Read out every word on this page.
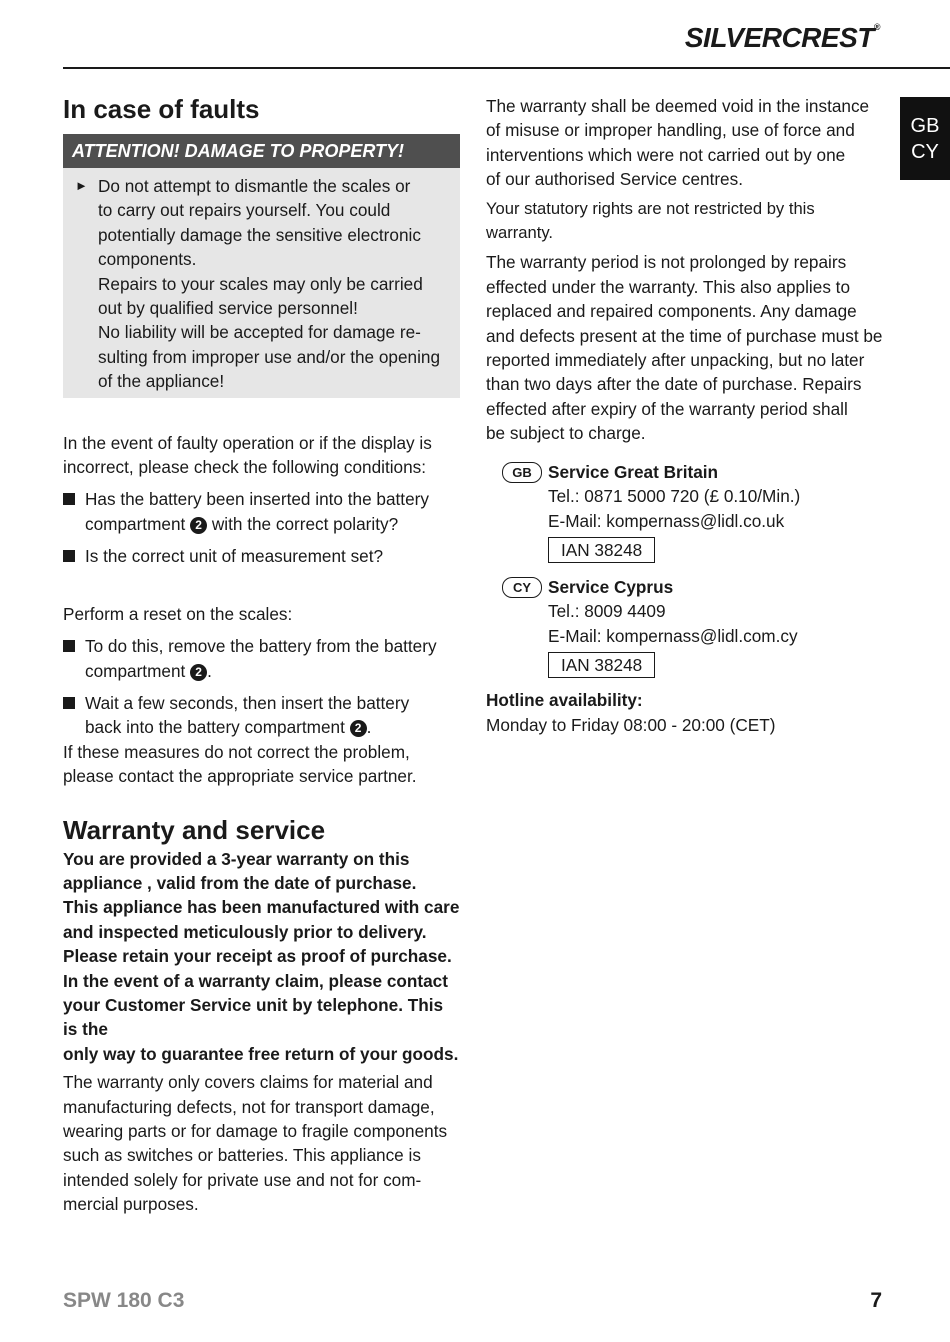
SILVERCREST®
GB
CY
In case of faults
ATTENTION! DAMAGE TO PROPERTY!
► Do not attempt to dismantle the scales or

to carry out repairs yourself. You could

potentially damage the sensitive electronic

components.

Repairs to your scales may only be carried

out by qualified service personnel!

No liability will be accepted for damage re-

sulting from improper use and/or the opening

of the appliance!

In the event of faulty operation or if the display is

incorrect, please check the following conditions:

Has the battery been inserted into the battery

compartment 2 with the correct polarity?

Is the correct unit of measurement set?

Perform a reset on the scales:

To do this, remove the battery from the battery

compartment 2 .

Wait a few seconds, then insert the battery

back into the battery compartment 2 .

If these measures do not correct the problem,

please contact the appropriate service partner.

Warranty and service

You are provided a 3-year warranty on this

appliance , valid from the date of purchase.

This appliance has been manufactured with care

and inspected meticulously prior to delivery.

Please retain your receipt as proof of purchase.

In the event of a warranty claim, please contact

your Customer Service unit by telephone. This is the

only way to guarantee free return of your goods.

The warranty only covers claims for material and

manufacturing defects, not for transport damage,

wearing parts or for damage to fragile components

such as switches or batteries. This appliance is

intended solely for private use and not for com-

mercial purposes.

The warranty shall be deemed void in the instance

of misuse or improper handling, use of force and

interventions which were not carried out by one

of our authorised Service centres.

Your statutory rights are not restricted by this warranty.

The warranty period is not prolonged by repairs

effected under the warranty. This also applies to

replaced and repaired components. Any damage

and defects present at the time of purchase must be

reported immediately after unpacking, but no later

than two days after the date of purchase. Repairs

effected after expiry of the warranty period shall

be subject to charge.

GB Service Great Britain

Tel.: 0871 5000 720 (£ 0.10/Min.)

E-Mail: kompernass@lidl.co.uk

IAN 38248
CY Service Cyprus

Tel.: 8009 4409

E-Mail: kompernass@lidl.com.cy

IAN 38248

Hotline availability:

Monday to Friday 08:00 - 20:00 (CET)

SPW 180 C3	7
